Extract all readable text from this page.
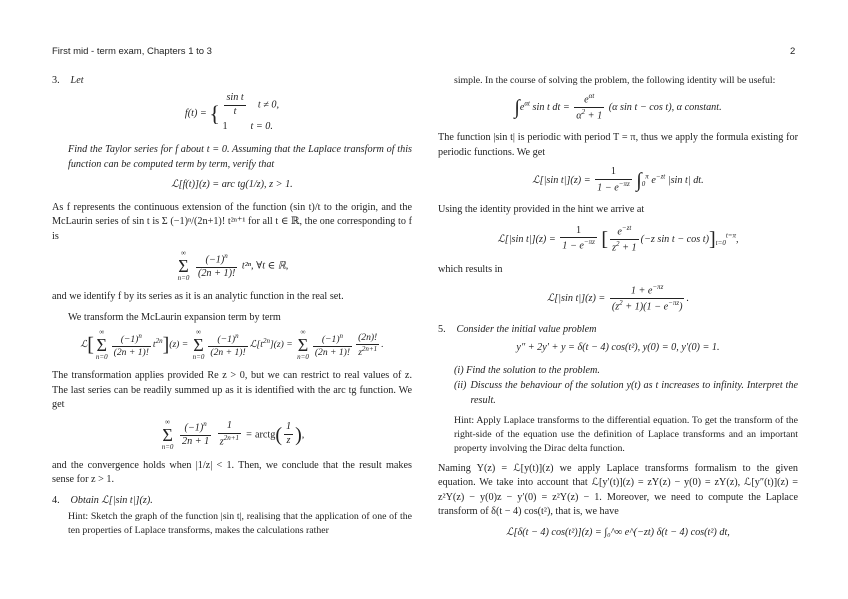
First mid - term exam, Chapters 1 to 3	2

3. Let

f(t) = { $\frac{\text{sin t}}{t}$ t ≠ 0,
1         t = 0.

Find the Taylor series for f about t = 0. Assuming that the Laplace transform of this function can be computed term by term, verify that

ℒ[f(t)](z) = arc tg(1/z), z > 1.

As f represents the continuous extension of the function (sin t)/t to the origin, and the McLaurin series of sin t is Σ (−1)ⁿ/(2n+1)! t²ⁿ⁺¹ for all t ∈ ℝ, the one corresponding to f is

∞
Σ
n=0
$\frac{(-1)^n}{(2n + 1)!} t^{2n}$, ∀t ∈ ℝ,

and we identify f by its series as it is an analytic function in the real set.

We transform the McLaurin expansion term by term

ℒ[
∞
Σ
$n=0 \frac{(-1)^n}{(2n + 1)!} t^{2n}](z)$ =
∞
Σ
$n=0 \frac{(-1)^n}{(2n + 1)!}$ $ℒ[t^{2n}](z)$ =
∞
Σ
$n=0 \frac{(-1)^n}{(2n + 1)!} \frac{(2n)!}{z^{2n+1}}$ .

The transformation applies provided Re z > 0, but we can restrict to real values of z. The last series can be readily summed up as it is identified with the arc tg function. We get

∞
Σ
n=0
$\frac{(-1)^n}{2n + 1}$
$\frac{1}{z^{2n+1}}$ = arctg( $\frac{1}{z}$ ),

and the convergence holds when |1/z| < 1. Then, we conclude that the result makes sense for z > 1.

4. Obtain ℒ[|sin t|](z).

Hint: Sketch the graph of the function |sin t|, realising that the application of one of the ten properties of Laplace transforms, makes the calculations rather

simple. In the course of solving the problem, the following identity will be useful:

$\int e^{\alpha t}$ sin t dt = $\frac{e^{\alpha t}}{\alpha^2 + 1} (\alpha$ sin t − cos t), α constant.

The function |sin t| is periodic with period T = π, thus we apply the formula existing for periodic functions. We get

ℒ[|sin $t|](z) = \frac{1}{1 - e^{-\pi z}} \int_0^\pi$ $e^{-zt}$ |sin t| dt.

Using the identity provided in the hint we arrive at

ℒ[|sin $t|](z) = \frac{1}{1 - e^{-\pi z}}$ [ $\frac{e^{-zt}}{z^2 + 1} (-z$ $\sin t - \cos t)]_{t=0}^{t=\pi}$,

which results in

ℒ[|sin $t|](z) = \frac{1 + e^{-\pi z}}{(z^2 + 1)(1 - e^{-\pi z})}$ .

5. Consider the initial value problem

y″ + 2y′ + y = δ(t − 4) cos(t²), y(0) = 0, y′(0) = 1.

(i) Find the solution to the problem.

(ii) Discuss the behaviour of the solution y(t) as t increases to infinity. Interpret the result.

Hint: Apply Laplace transforms to the differential equation. To get the transform of the right-side of the equation use the definition of Laplace transforms and an important property involving the Dirac delta function.

Naming Y(z) = ℒ[y(t)](z) we apply Laplace transforms formalism to the given equation. We take into account that ℒ[y′(t)](z) = zY(z) − y(0) = zY(z), ℒ[y″(t)](z) = z²Y(z) − y(0)z − y′(0) = z²Y(z) − 1. Moreover, we need to compute the Laplace transform of δ(t − 4) cos(t²), that is, we have

ℒ[δ(t − 4) cos(t²)](z) = ∫₀^∞ e^(−zt) δ(t − 4) cos(t²) dt,
